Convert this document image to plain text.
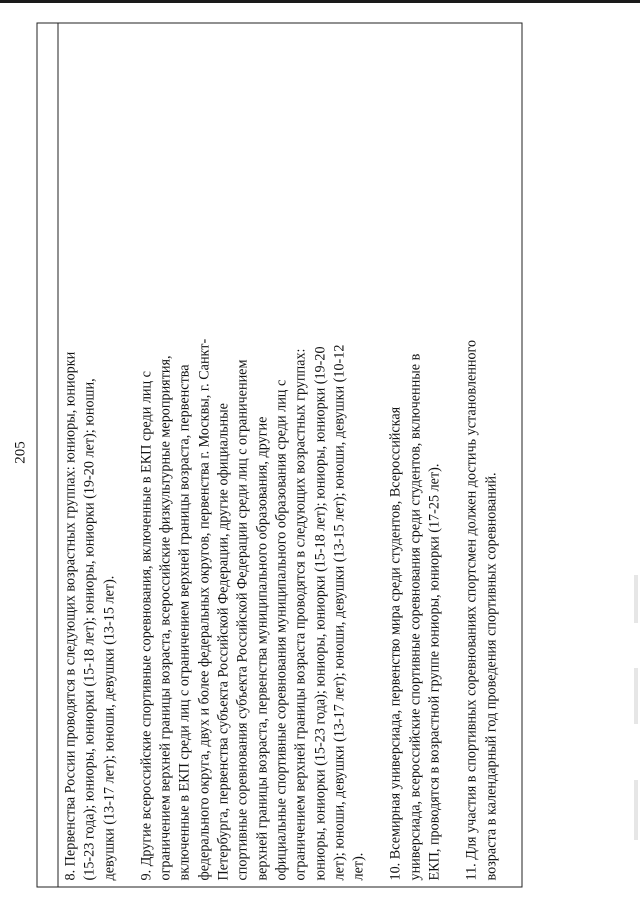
205 8. Первенства России проводятся в следующих возрастных группах: юниоры, юниорки (15-23 года); юниоры, юниорки (15-18 лет); юниоры, юниорки (19-20 лет); юноши, девушки (13-17 лет); юноши, девушки (13-15 лет). 9. Другие всероссийские спортивные соревнования, включенные в ЕКП среди лиц с ограничением верхней границы возраста, всероссийские физкультурные мероприятия, включенные в ЕКП среди лиц с ограничением верхней границы возраста, первенства федерального округа, двух и более федеральных округов, первенства г. Москвы, г. Санкт- Петербурга, первенства субъекта Российской Федерации, другие официальные спортивные соревнования субъекта Российской Федерации среди лиц с ограничением верхней границы возраста, первенства муниципального образования, другие официальные спортивные соревнования муниципального образования среди лиц с ограничением верхней границы возраста проводятся в следующих возрастных группах: юниоры, юниорки (15-23 года); юниоры, юниорки (15-18 лет); юниоры, юниорки (19-20 лет); юноши, девушки (13-17 лет); юноши, девушки (13-15 лет); юноши, девушки (10-12 лет). 10. Всемирная универсиада, первенство мира среди студентов, Всероссийская универсиада, всероссийские спортивные соревнования среди студентов, включенные в ЕКП, проводятся в возрастной группе юниоры, юниорки (17-25 лет). 11. Для участия в спортивных соревнованиях спортсмен должен достичь установленного возраста в календарный год проведения спортивных соревнований.
